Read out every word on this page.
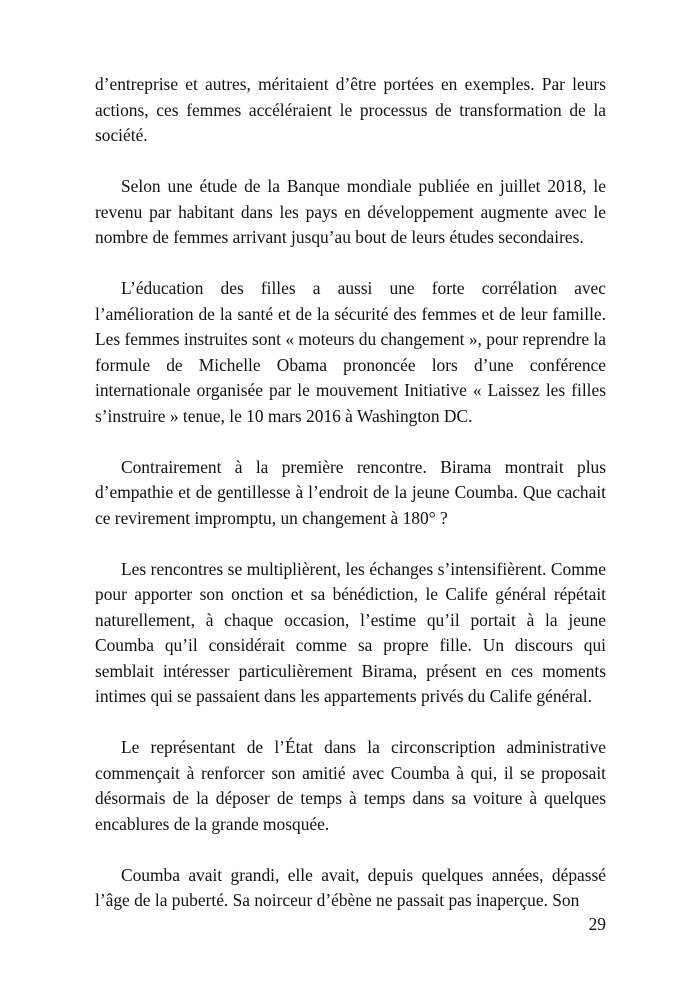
d’entreprise et autres, méritaient d’être portées en exemples. Par leurs actions, ces femmes accéléraient le processus de transformation de la société.

Selon une étude de la Banque mondiale publiée en juillet 2018, le revenu par habitant dans les pays en développement augmente avec le nombre de femmes arrivant jusqu’au bout de leurs études secondaires.

L’éducation des filles a aussi une forte corrélation avec l’amélioration de la santé et de la sécurité des femmes et de leur famille. Les femmes instruites sont « moteurs du changement », pour reprendre la formule de Michelle Obama prononcée lors d’une conférence internationale organisée par le mouvement Initiative « Laissez les filles s’instruire » tenue, le 10 mars 2016 à Washington DC.

Contrairement à la première rencontre. Birama montrait plus d’empathie et de gentillesse à l’endroit de la jeune Coumba. Que cachait ce revirement impromptu, un changement à 180° ?

Les rencontres se multiplièrent, les échanges s’intensifièrent. Comme pour apporter son onction et sa bénédiction, le Calife général répétait naturellement, à chaque occasion, l’estime qu’il portait à la jeune Coumba qu’il considérait comme sa propre fille. Un discours qui semblait intéresser particulièrement Birama, présent en ces moments intimes qui se passaient dans les appartements privés du Calife général.

Le représentant de l’État dans la circonscription administrative commençait à renforcer son amitié avec Coumba à qui, il se proposait désormais de la déposer de temps à temps dans sa voiture à quelques encablures de la grande mosquée.

Coumba avait grandi, elle avait, depuis quelques années, dépassé l’âge de la puberté. Sa noirceur d’ébène ne passait pas inaperçue. Son

29
